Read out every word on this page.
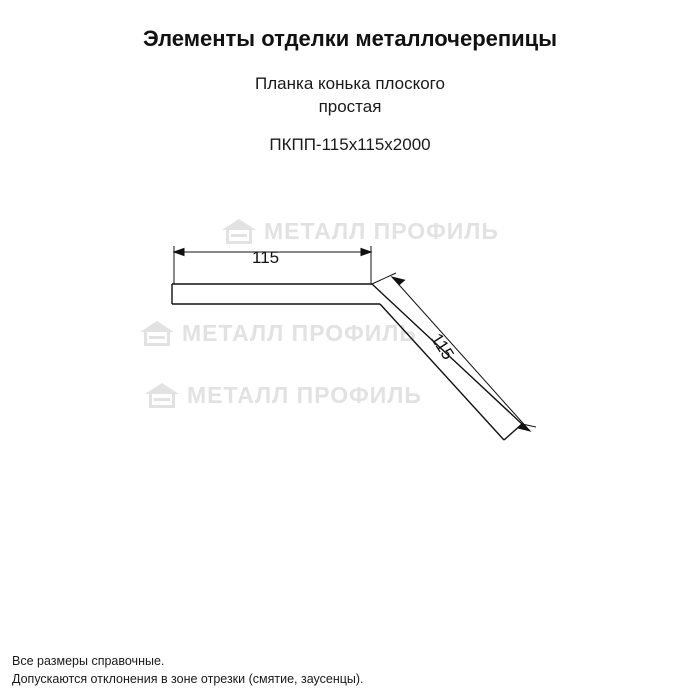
Элементы отделки металлочерепицы
Планка конька плоского
простая
ПКПП-115х115х2000
МЕТАЛЛ ПРОФИЛЬ
МЕТАЛЛ ПРОФИЛЬ
МЕТАЛЛ ПРОФИЛЬ
115
115
Все размеры справочные.
Допускаются отклонения в зоне отрезки (смятие, заусенцы).
